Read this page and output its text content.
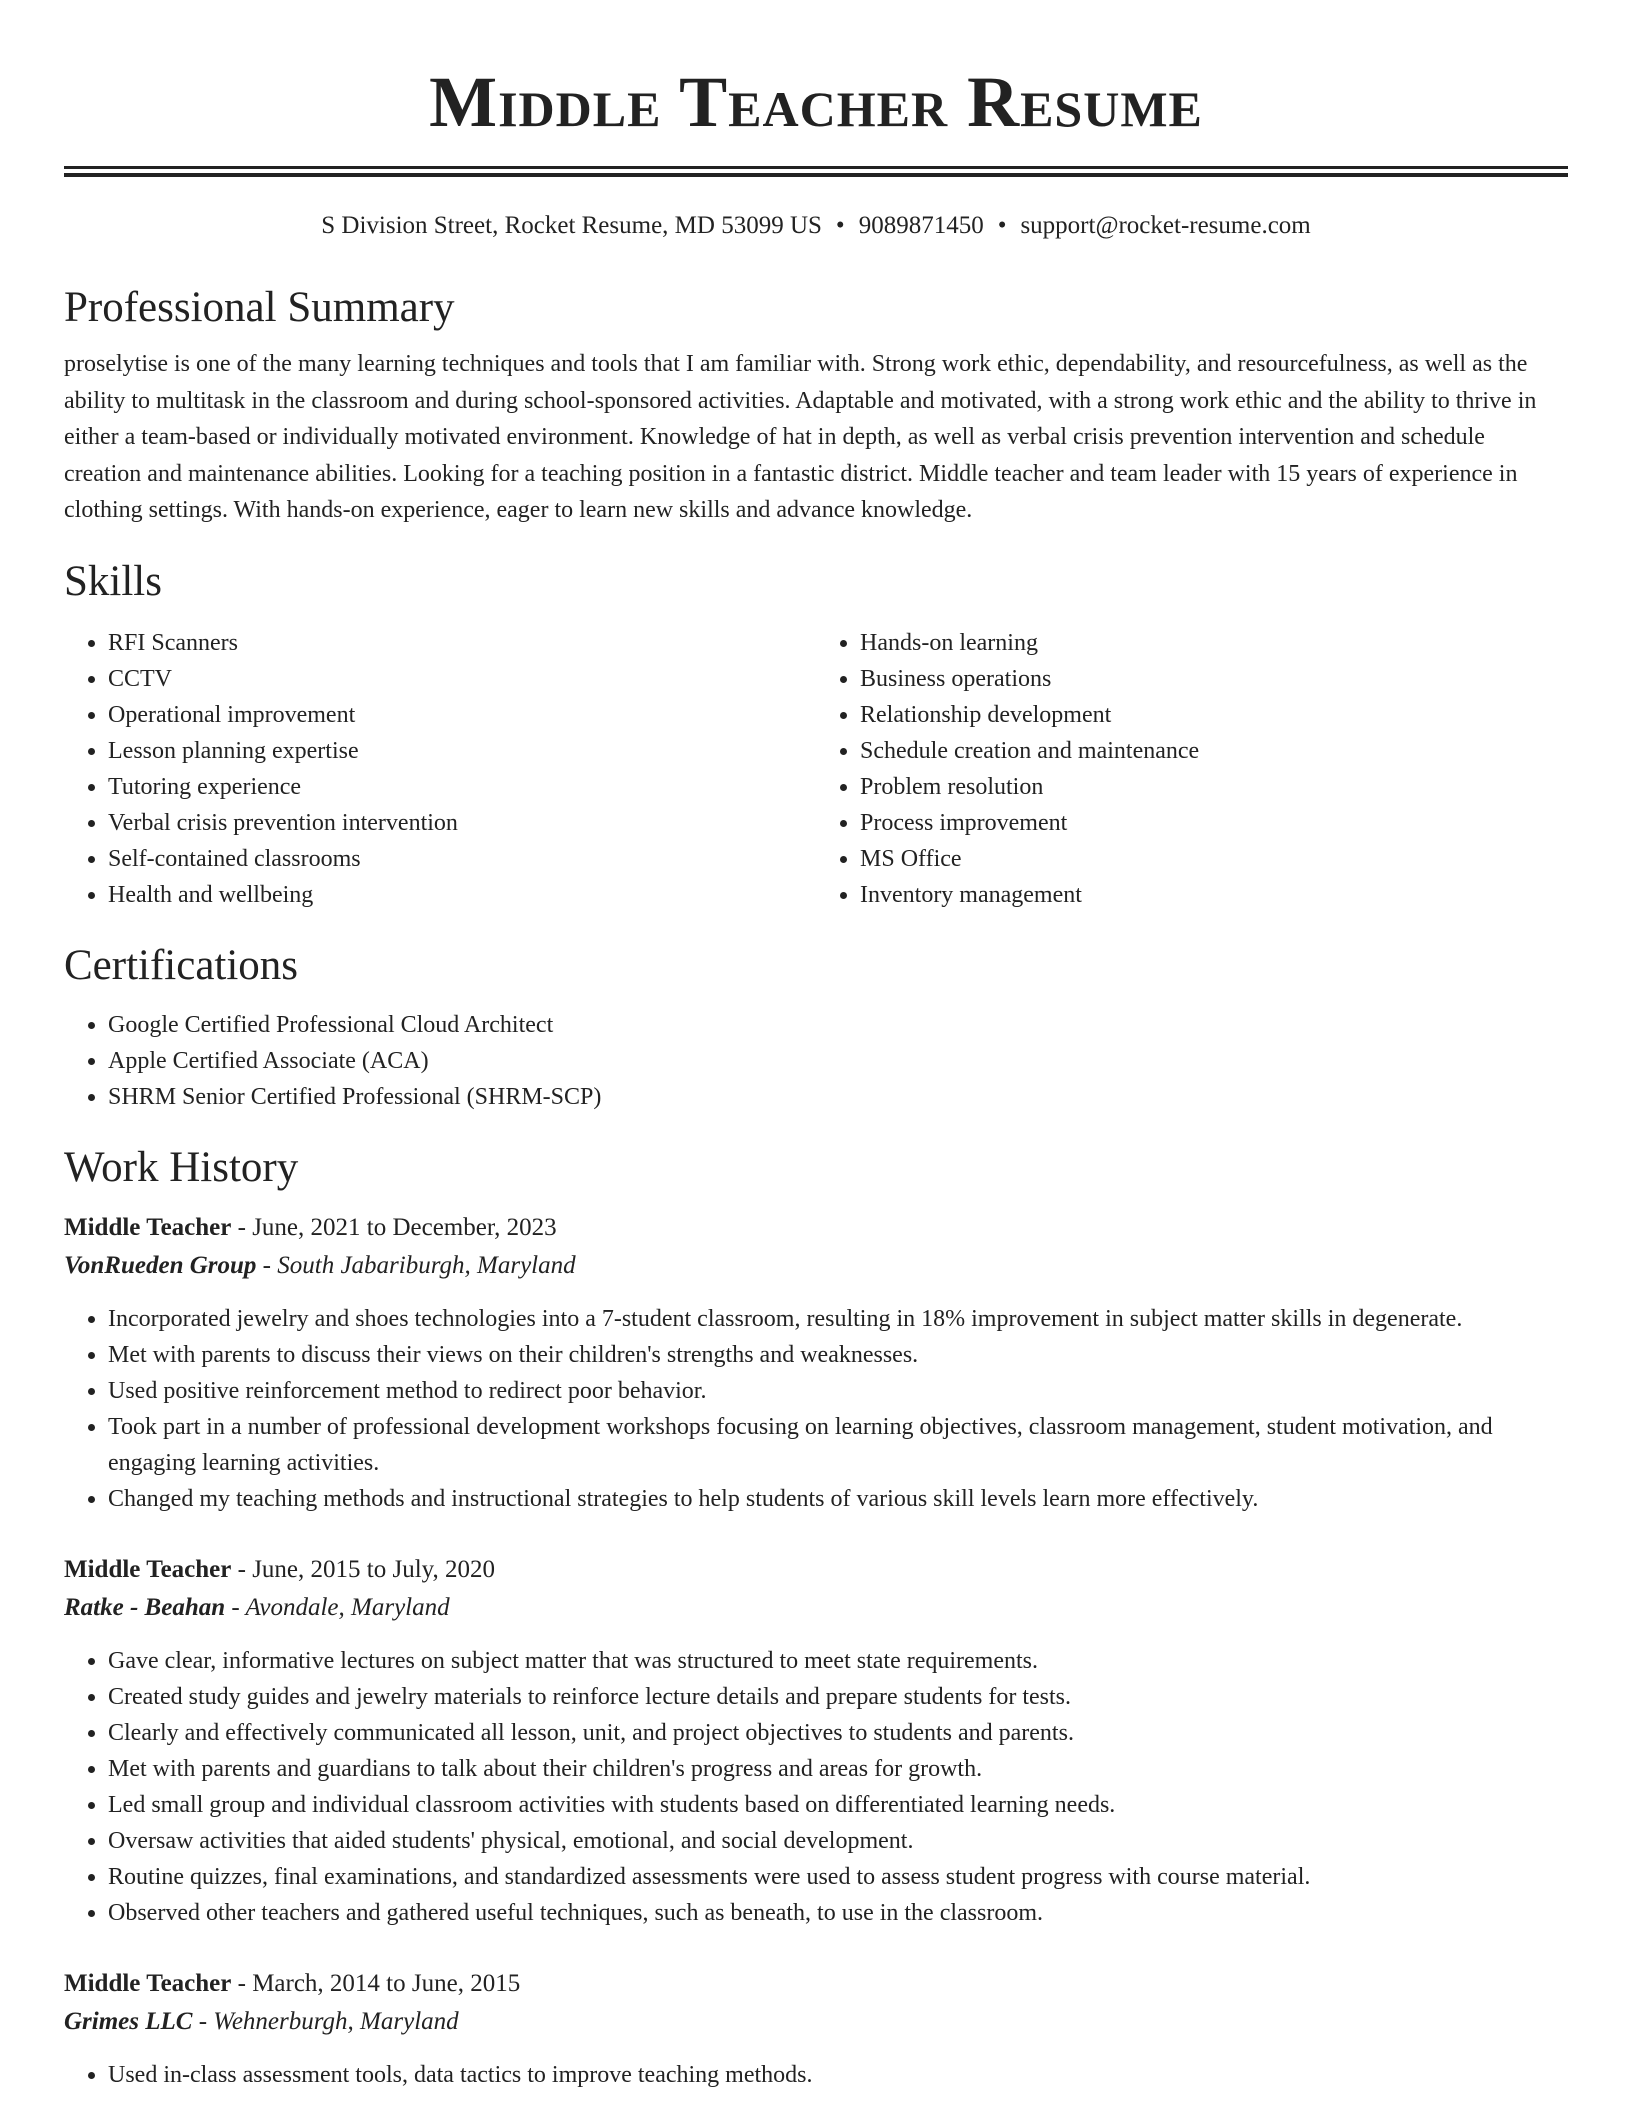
Middle Teacher Resume
S Division Street, Rocket Resume, MD 53099 US • 9089871450 • support@rocket-resume.com
Professional Summary

proselytise is one of the many learning techniques and tools that I am familiar with. Strong work ethic, dependability, and resourcefulness, as well as the ability to multitask in the classroom and during school-sponsored activities. Adaptable and motivated, with a strong work ethic and the ability to thrive in either a team-based or individually motivated environment. Knowledge of hat in depth, as well as verbal crisis prevention intervention and schedule creation and maintenance abilities. Looking for a teaching position in a fantastic district. Middle teacher and team leader with 15 years of experience in clothing settings. With hands-on experience, eager to learn new skills and advance knowledge.

Skills
• RFI Scanners
• CCTV
• Operational improvement
• Lesson planning expertise
• Tutoring experience
• Verbal crisis prevention intervention
• Self-contained classrooms
• Health and wellbeing
• Hands-on learning
• Business operations
• Relationship development
• Schedule creation and maintenance
• Problem resolution
• Process improvement
• MS Office
• Inventory management
Certifications
• Google Certified Professional Cloud Architect
• Apple Certified Associate (ACA)
• SHRM Senior Certified Professional (SHRM-SCP)
Work History
Middle Teacher - June, 2021 to December, 2023
VonRueden Group - South Jabariburgh, Maryland
• Incorporated jewelry and shoes technologies into a 7-student classroom, resulting in 18% improvement in subject matter skills in degenerate.
• Met with parents to discuss their views on their children's strengths and weaknesses.
• Used positive reinforcement method to redirect poor behavior.
• Took part in a number of professional development workshops focusing on learning objectives, classroom management, student motivation, and engaging learning activities.
• Changed my teaching methods and instructional strategies to help students of various skill levels learn more effectively.
Middle Teacher - June, 2015 to July, 2020
Ratke - Beahan - Avondale, Maryland
• Gave clear, informative lectures on subject matter that was structured to meet state requirements.
• Created study guides and jewelry materials to reinforce lecture details and prepare students for tests.
• Clearly and effectively communicated all lesson, unit, and project objectives to students and parents.
• Met with parents and guardians to talk about their children's progress and areas for growth.
• Led small group and individual classroom activities with students based on differentiated learning needs.
• Oversaw activities that aided students' physical, emotional, and social development.
• Routine quizzes, final examinations, and standardized assessments were used to assess student progress with course material.
• Observed other teachers and gathered useful techniques, such as beneath, to use in the classroom.
Middle Teacher - March, 2014 to June, 2015
Grimes LLC - Wehnerburgh, Maryland
• Used in-class assessment tools, data tactics to improve teaching methods.
